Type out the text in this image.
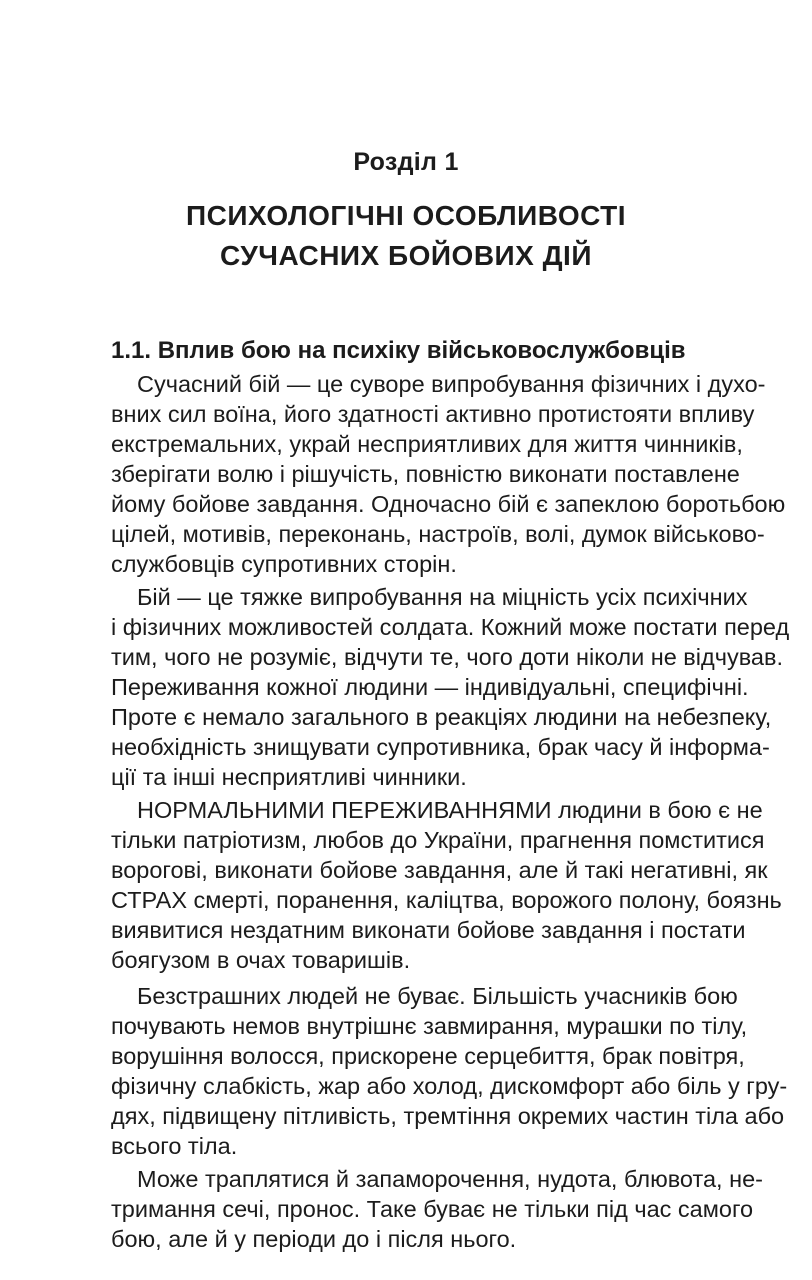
Розділ 1
ПСИХОЛОГІЧНІ ОСОБЛИВОСТІ
СУЧАСНИХ БОЙОВИХ ДІЙ
1.1. Вплив бою на психіку військовослужбовців
Сучасний бій — це суворе випробування фізичних і духо-
вних сил воїна, його здатності активно протистояти впливу
екстремальних, украй несприятливих для життя чинників,
зберігати волю і рішучість, повністю виконати поставлене
йому бойове завдання. Одночасно бій є запеклою боротьбою
цілей, мотивів, переконань, настроїв, волі, думок військово-
службовців супротивних сторін.
Бій — це тяжке випробування на міцність усіх психічних
і фізичних можливостей солдата. Кожний може постати перед
тим, чого не розуміє, відчути те, чого доти ніколи не відчував.
Переживання кожної людини — індивідуальні, специфічні.
Проте є немало загального в реакціях людини на небезпеку,
необхідність знищувати супротивника, брак часу й інформа-
ції та інші несприятливі чинники.
НОРМАЛЬНИМИ ПЕРЕЖИВАННЯМИ людини в бою є не
тільки патріотизм, любов до України, прагнення помститися
ворогові, виконати бойове завдання, але й такі негативні, як
СТРАХ смерті, поранення, каліцтва, ворожого полону, боязнь
виявитися нездатним виконати бойове завдання і постати
боягузом в очах товаришів.
Безстрашних людей не буває. Більшість учасників бою
почувають немов внутрішнє завмирання, мурашки по тілу,
ворушіння волосся, прискорене серцебиття, брак повітря,
фізичну слабкість, жар або холод, дискомфорт або біль у гру-
дях, підвищену пітливість, тремтіння окремих частин тіла або
всього тіла.
Може траплятися й запаморочення, нудота, блювота, не-
тримання сечі, пронос. Таке буває не тільки під час самого
бою, але й у періоди до і після нього.
